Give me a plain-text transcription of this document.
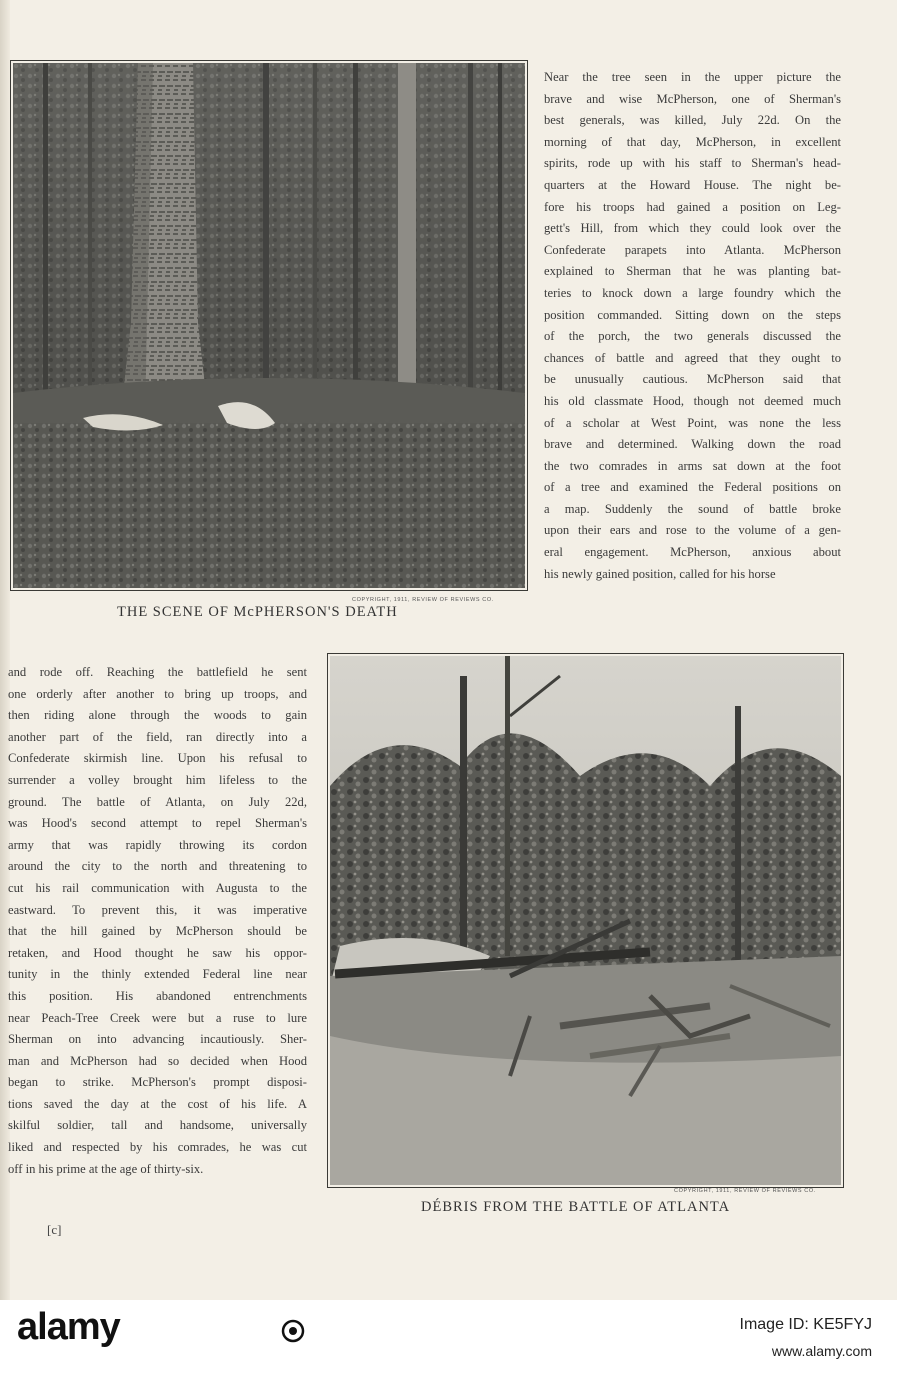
COPYRIGHT, 1911, REVIEW OF REVIEWS CO.
THE SCENE OF McPHERSON'S DEATH
Near the tree seen in the upper picture the
brave and wise McPherson, one of Sherman's
best generals, was killed, July 22d. On the
morning of that day, McPherson, in excellent
spirits, rode up with his staff to Sherman's head-
quarters at the Howard House. The night be-
fore his troops had gained a position on Leg-
gett's Hill, from which they could look over the
Confederate parapets into Atlanta. McPherson
explained to Sherman that he was planting bat-
teries to knock down a large foundry which the
position commanded. Sitting down on the steps
of the porch, the two generals discussed the
chances of battle and agreed that they ought to
be unusually cautious. McPherson said that
his old classmate Hood, though not deemed much
of a scholar at West Point, was none the less
brave and determined. Walking down the road
the two comrades in arms sat down at the foot
of a tree and examined the Federal positions on
a map. Suddenly the sound of battle broke
upon their ears and rose to the volume of a gen-
eral engagement. McPherson, anxious about
his newly gained position, called for his horse
and rode off. Reaching the battlefield he sent
one orderly after another to bring up troops, and
then riding alone through the woods to gain
another part of the field, ran directly into a
Confederate skirmish line. Upon his refusal to
surrender a volley brought him lifeless to the
ground. The battle of Atlanta, on July 22d,
was Hood's second attempt to repel Sherman's
army that was rapidly throwing its cordon
around the city to the north and threatening to
cut his rail communication with Augusta to the
eastward. To prevent this, it was imperative
that the hill gained by McPherson should be
retaken, and Hood thought he saw his oppor-
tunity in the thinly extended Federal line near
this position. His abandoned entrenchments
near Peach-Tree Creek were but a ruse to lure
Sherman on into advancing incautiously. Sher-
man and McPherson had so decided when Hood
began to strike. McPherson's prompt disposi-
tions saved the day at the cost of his life. A
skilful soldier, tall and handsome, universally
liked and respected by his comrades, he was cut
off in his prime at the age of thirty-six.
COPYRIGHT, 1911, REVIEW OF REVIEWS CO.
DÉBRIS FROM THE BATTLE OF ATLANTA
[c]
alamy	Image ID: KE5FYJ
www.alamy.com
